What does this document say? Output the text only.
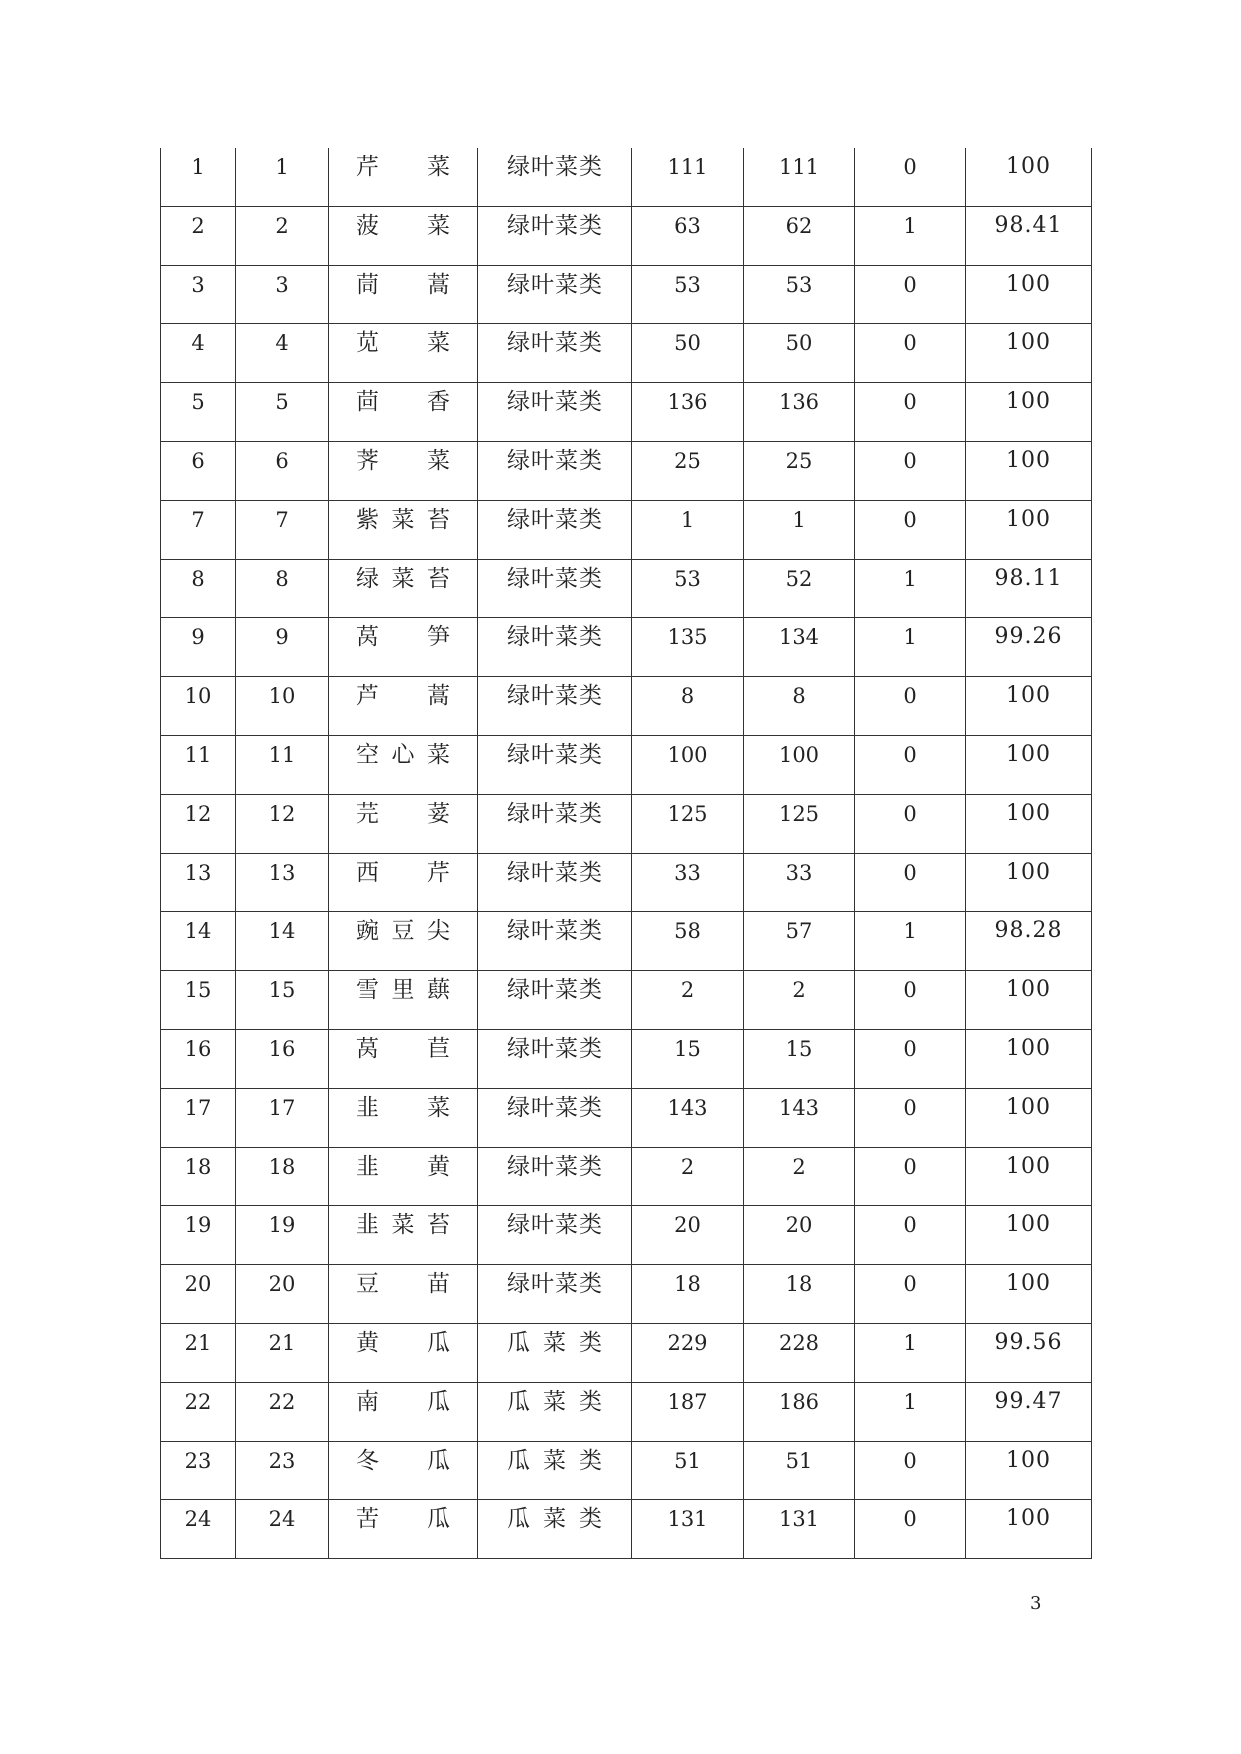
1	1	芹 菜	绿叶菜类	111	111	0	100

2	2	菠 菜	绿叶菜类	63	62	1	98.41

3	3	茼 蒿	绿叶菜类	53	53	0	100

4	4	苋 菜	绿叶菜类	50	50	0	100

5	5	茴 香	绿叶菜类	136	136	0	100

6	6	荠 菜	绿叶菜类	25	25	0	100

7	7	紫 菜 苔	绿叶菜类	1	1	0	100

8	8	绿 菜 苔	绿叶菜类	53	52	1	98.11

9	9	莴 笋	绿叶菜类	135	134	1	99.26

10	10	芦 蒿	绿叶菜类	8	8	0	100

11	11	空 心 菜	绿叶菜类	100	100	0	100

12	12	芫 荽	绿叶菜类	125	125	0	100

13	13	西 芹	绿叶菜类	33	33	0	100

14	14	豌 豆 尖	绿叶菜类	58	57	1	98.28

15	15	雪 里 蕻	绿叶菜类	2	2	0	100

16	16	莴 苣	绿叶菜类	15	15	0	100

17	17	韭 菜	绿叶菜类	143	143	0	100

18	18	韭 黄	绿叶菜类	2	2	0	100

19	19	韭 菜 苔	绿叶菜类	20	20	0	100

20	20	豆 苗	绿叶菜类	18	18	0	100

21	21	黄 瓜	瓜 菜 类	229	228	1	99.56

22	22	南 瓜	瓜 菜 类	187	186	1	99.47

23	23	冬 瓜	瓜 菜 类	51	51	0	100

24	24	苦 瓜	瓜 菜 类	131	131	0	100
3
